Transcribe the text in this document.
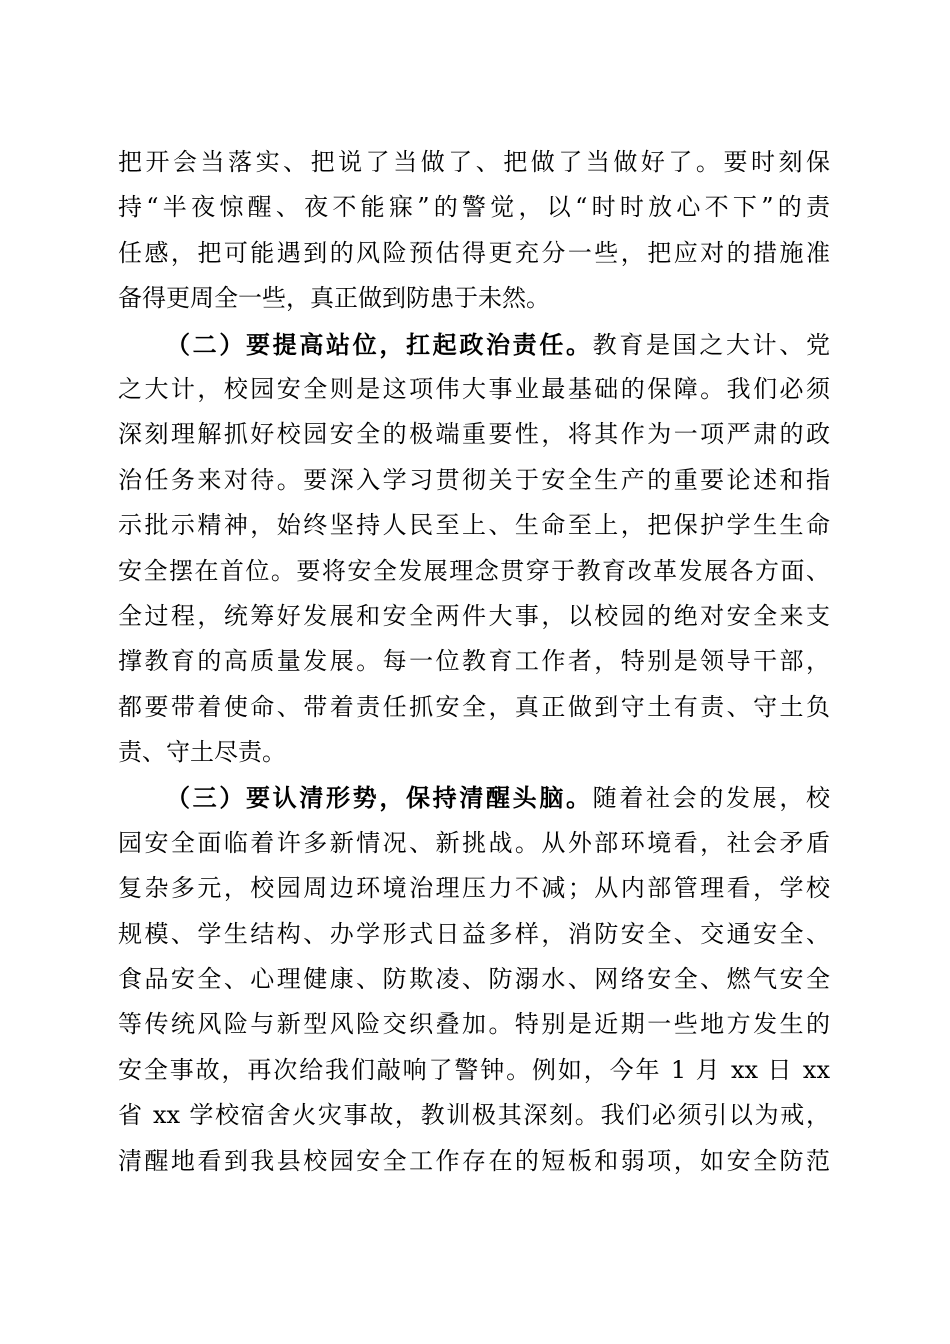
把开会当落实、把说了当做了、把做了当做好了。要时刻保
持“半夜惊醒、夜不能寐”的警觉，以“时时放心不下”的责
任感，把可能遇到的风险预估得更充分一些，把应对的措施准
备得更周全一些，真正做到防患于未然。
（二）要提高站位，扛起政治责任。教育是国之大计、党
之大计，校园安全则是这项伟大事业最基础的保障。我们必须
深刻理解抓好校园安全的极端重要性，将其作为一项严肃的政
治任务来对待。要深入学习贯彻关于安全生产的重要论述和指
示批示精神，始终坚持人民至上、生命至上，把保护学生生命
安全摆在首位。要将安全发展理念贯穿于教育改革发展各方面、
全过程，统筹好发展和安全两件大事，以校园的绝对安全来支
撑教育的高质量发展。每一位教育工作者，特别是领导干部，
都要带着使命、带着责任抓安全，真正做到守土有责、守土负
责、守土尽责。
（三）要认清形势，保持清醒头脑。随着社会的发展，校
园安全面临着许多新情况、新挑战。从外部环境看，社会矛盾
复杂多元，校园周边环境治理压力不减；从内部管理看，学校
规模、学生结构、办学形式日益多样，消防安全、交通安全、
食品安全、心理健康、防欺凌、防溺水、网络安全、燃气安全
等传统风险与新型风险交织叠加。特别是近期一些地方发生的
安全事故，再次给我们敲响了警钟。例如，今年 1 月 xx 日 xx
省 xx 学校宿舍火灾事故，教训极其深刻。我们必须引以为戒，
清醒地看到我县校园安全工作存在的短板和弱项，如安全防范
